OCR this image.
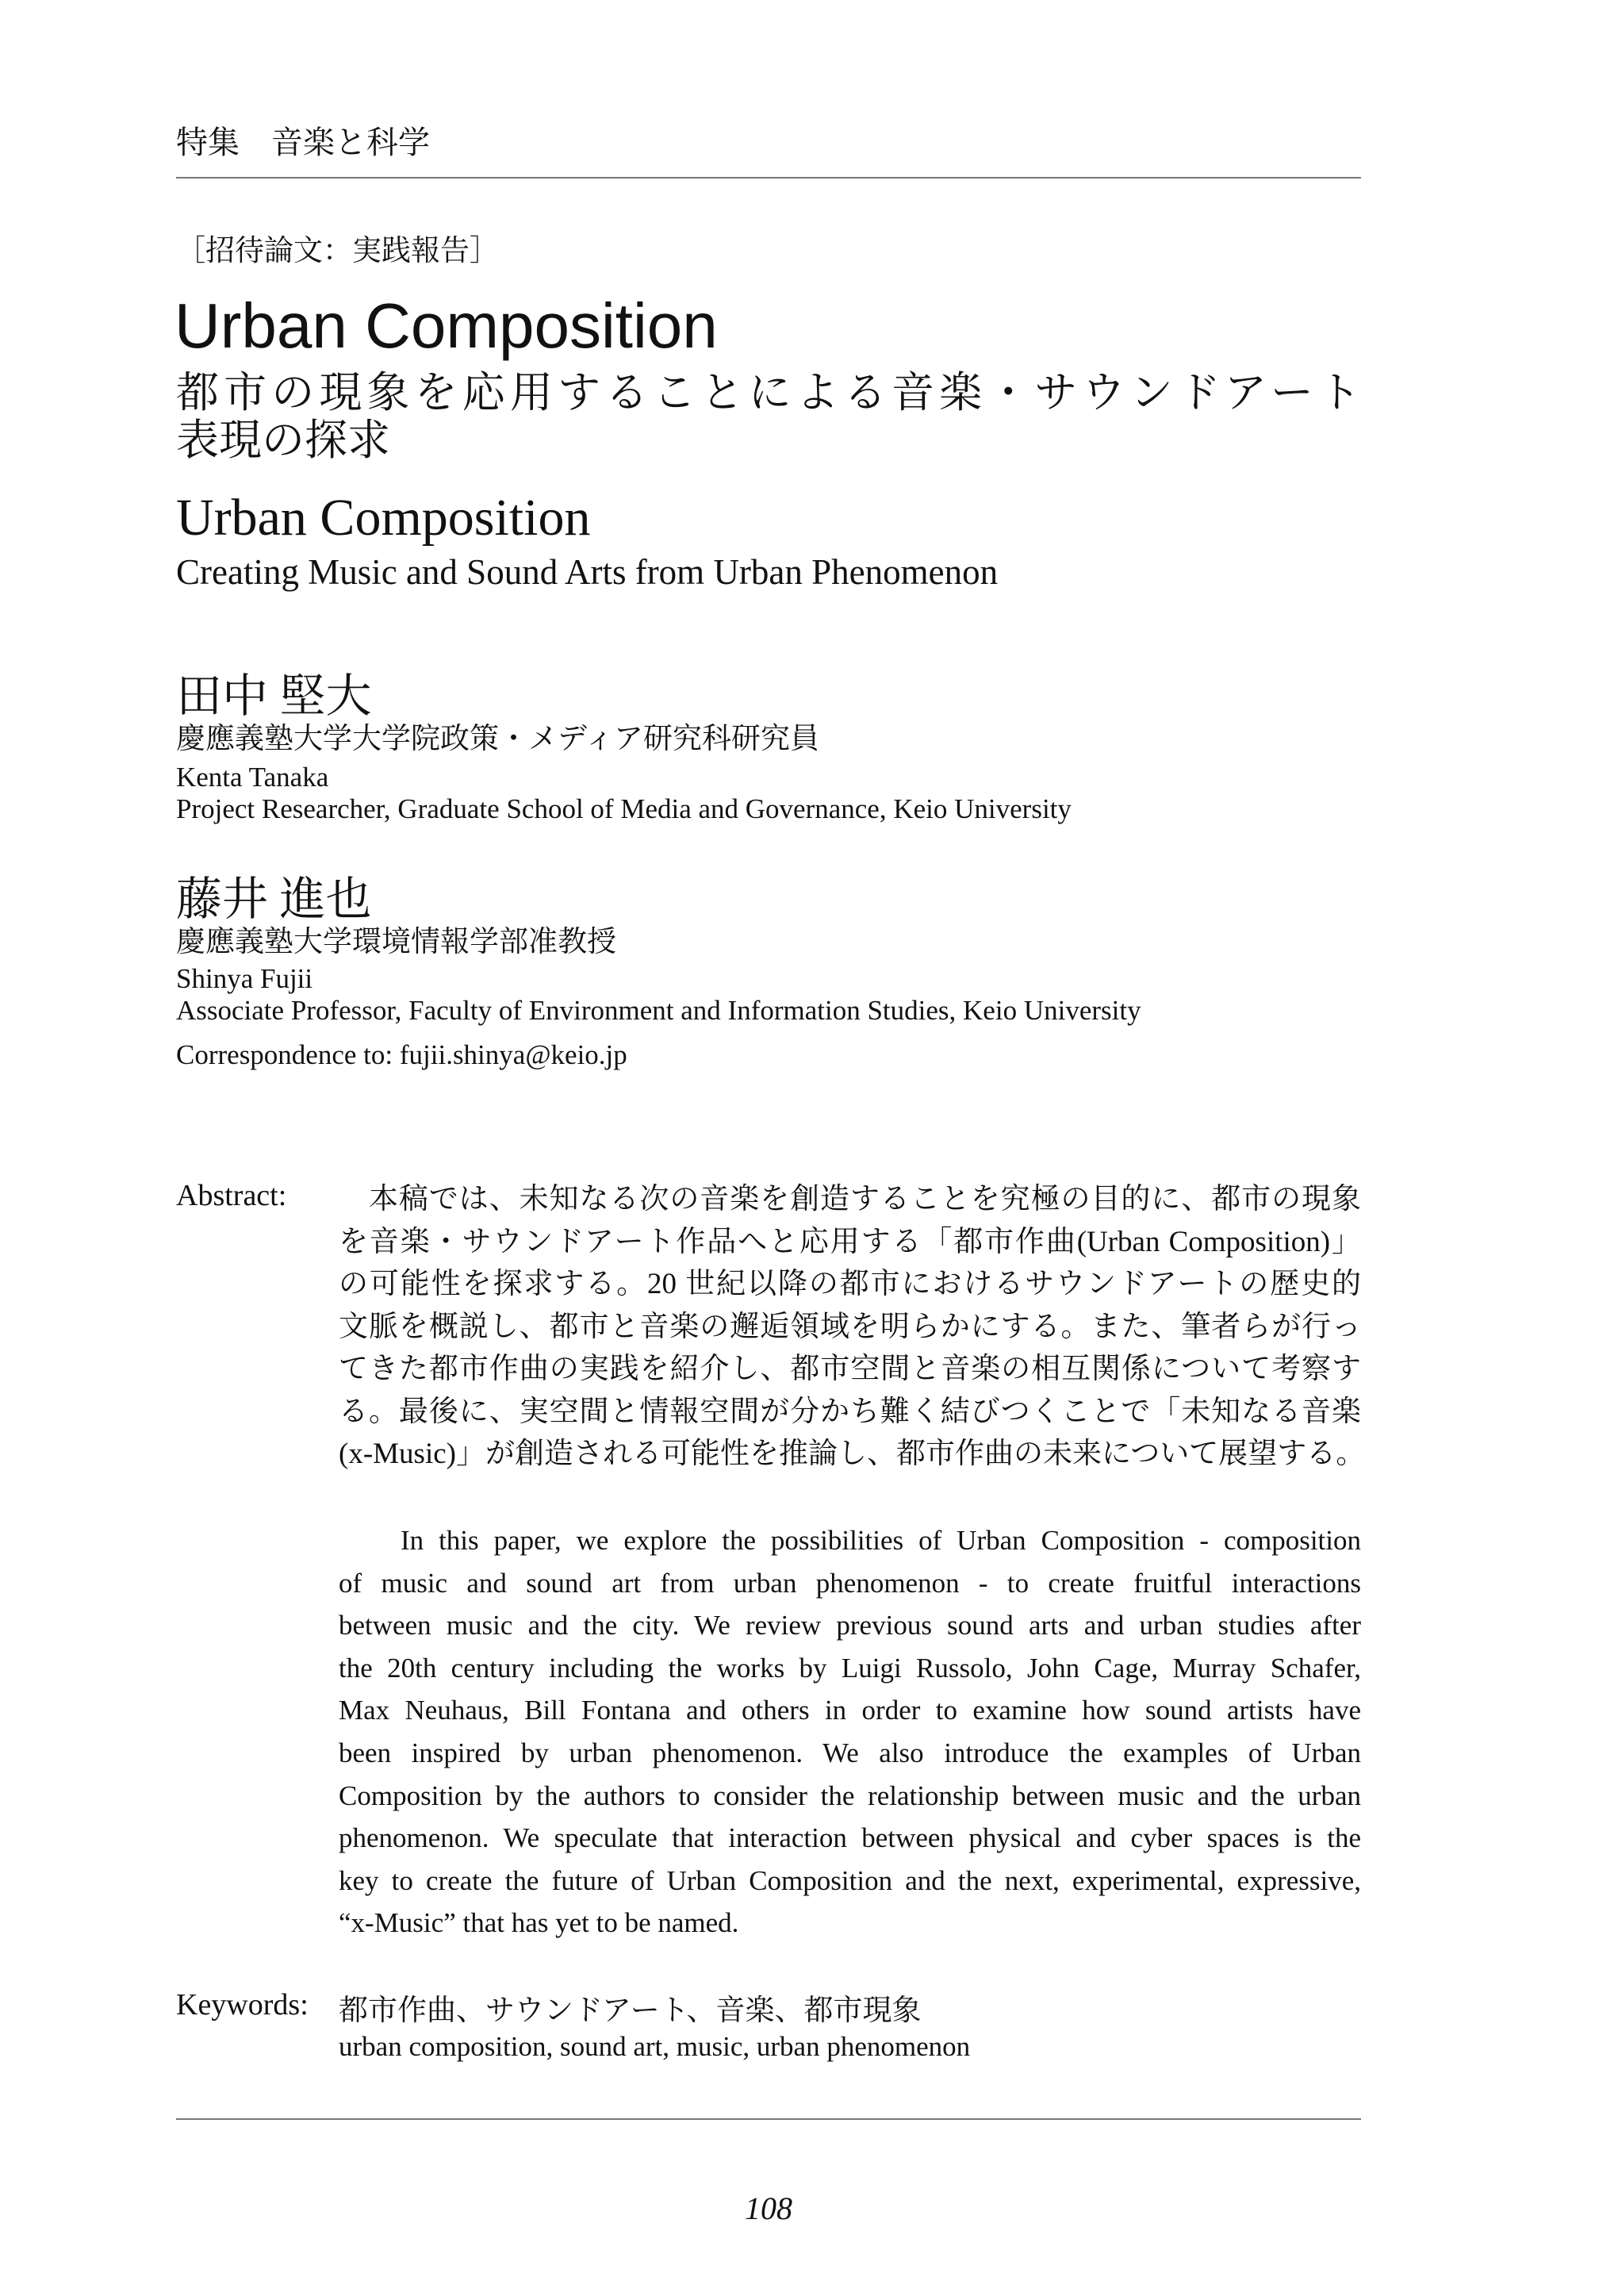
特集　音楽と科学
［招待論文：実践報告］
Urban Composition
都市の現象を応用することによる音楽・サウンドアート
表現の探求
Urban Composition
Creating Music and Sound Arts from Urban Phenomenon
田中 堅大
慶應義塾大学大学院政策・メディア研究科研究員
Kenta Tanaka
Project Researcher, Graduate School of Media and Governance, Keio University
藤井 進也
慶應義塾大学環境情報学部准教授
Shinya Fujii
Associate Professor, Faculty of Environment and Information Studies, Keio University
Correspondence to: fujii.shinya@keio.jp
Abstract: 　本稿では、未知なる次の音楽を創造することを究極の目的に、都市の現象
を音楽・サウンドアート作品へと応用する「都市作曲(Urban Composition)」
の可能性を探求する。20 世紀以降の都市におけるサウンドアートの歴史的
文脈を概説し、都市と音楽の邂逅領域を明らかにする。また、筆者らが行っ
てきた都市作曲の実践を紹介し、都市空間と音楽の相互関係について考察す
る。最後に、実空間と情報空間が分かち難く結びつくことで「未知なる音楽
(x-Music)」が創造される可能性を推論し、都市作曲の未来について展望する。
In this paper, we explore the possibilities of Urban Composition - composition
of music and sound art from urban phenomenon - to create fruitful interactions
between music and the city. We review previous sound arts and urban studies after
the 20th century including the works by Luigi Russolo, John Cage, Murray Schafer,
Max Neuhaus, Bill Fontana and others in order to examine how sound artists have
been inspired by urban phenomenon. We also introduce the examples of Urban
Composition by the authors to consider the relationship between music and the urban
phenomenon. We speculate that interaction between physical and cyber spaces is the
key to create the future of Urban Composition and the next, experimental, expressive,
“x-Music” that has yet to be named.
Keywords: 都市作曲、サウンドアート、音楽、都市現象
urban composition, sound art, music, urban phenomenon
108
